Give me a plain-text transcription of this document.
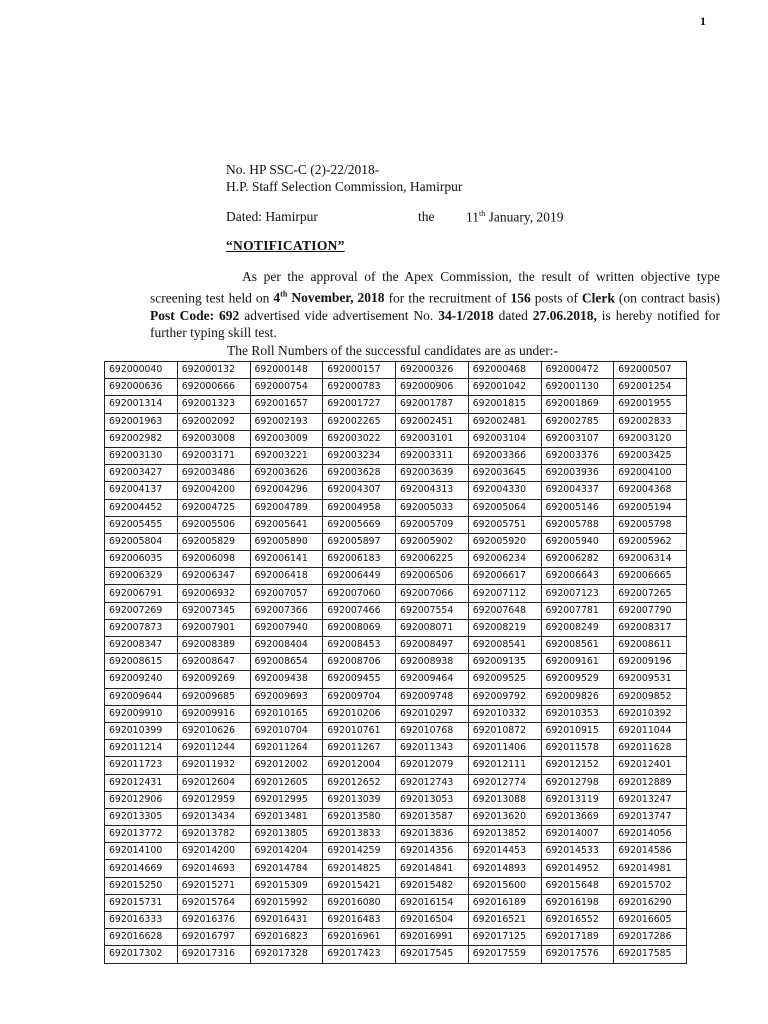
1
No. HP SSC-C (2)-22/2018-
H.P. Staff Selection Commission, Hamirpur
Dated: Hamirpur	the 11th January, 2019
“NOTIFICATION”

As per the approval of the Apex Commission, the result of written objective type screening test held on 4th November, 2018 for the recruitment of 156 posts of Clerk (on contract basis) Post Code: 692 advertised vide advertisement No. 34-1/2018 dated 27.06.2018, is hereby notified for further typing skill test.

The Roll Numbers of the successful candidates are as under:-

692000040	692000132	692000148	692000157	692000326	692000468	692000472	692000507
692000636	692000666	692000754	692000783	692000906	692001042	692001130	692001254
692001314	692001323	692001657	692001727	692001787	692001815	692001869	692001955
692001963	692002092	692002193	692002265	692002451	692002481	692002785	692002833
692002982	692003008	692003009	692003022	692003101	692003104	692003107	692003120
692003130	692003171	692003221	692003234	692003311	692003366	692003376	692003425
692003427	692003486	692003626	692003628	692003639	692003645	692003936	692004100
692004137	692004200	692004296	692004307	692004313	692004330	692004337	692004368
692004452	692004725	692004789	692004958	692005033	692005064	692005146	692005194
692005455	692005506	692005641	692005669	692005709	692005751	692005788	692005798
692005804	692005829	692005890	692005897	692005902	692005920	692005940	692005962
692006035	692006098	692006141	692006183	692006225	692006234	692006282	692006314
692006329	692006347	692006418	692006449	692006506	692006617	692006643	692006665
692006791	692006932	692007057	692007060	692007066	692007112	692007123	692007265
692007269	692007345	692007366	692007466	692007554	692007648	692007781	692007790
692007873	692007901	692007940	692008069	692008071	692008219	692008249	692008317
692008347	692008389	692008404	692008453	692008497	692008541	692008561	692008611
692008615	692008647	692008654	692008706	692008938	692009135	692009161	692009196
692009240	692009269	692009438	692009455	692009464	692009525	692009529	692009531
692009644	692009685	692009693	692009704	692009748	692009792	692009826	692009852
692009910	692009916	692010165	692010206	692010297	692010332	692010353	692010392
692010399	692010626	692010704	692010761	692010768	692010872	692010915	692011044
692011214	692011244	692011264	692011267	692011343	692011406	692011578	692011628
692011723	692011932	692012002	692012004	692012079	692012111	692012152	692012401
692012431	692012604	692012605	692012652	692012743	692012774	692012798	692012889
692012906	692012959	692012995	692013039	692013053	692013088	692013119	692013247
692013305	692013434	692013481	692013580	692013587	692013620	692013669	692013747
692013772	692013782	692013805	692013833	692013836	692013852	692014007	692014056
692014100	692014200	692014204	692014259	692014356	692014453	692014533	692014586
692014669	692014693	692014784	692014825	692014841	692014893	692014952	692014981
692015250	692015271	692015309	692015421	692015482	692015600	692015648	692015702
692015731	692015764	692015992	692016080	692016154	692016189	692016198	692016290
692016333	692016376	692016431	692016483	692016504	692016521	692016552	692016605
692016628	692016797	692016823	692016961	692016991	692017125	692017189	692017286
692017302	692017316	692017328	692017423	692017545	692017559	692017576	692017585
